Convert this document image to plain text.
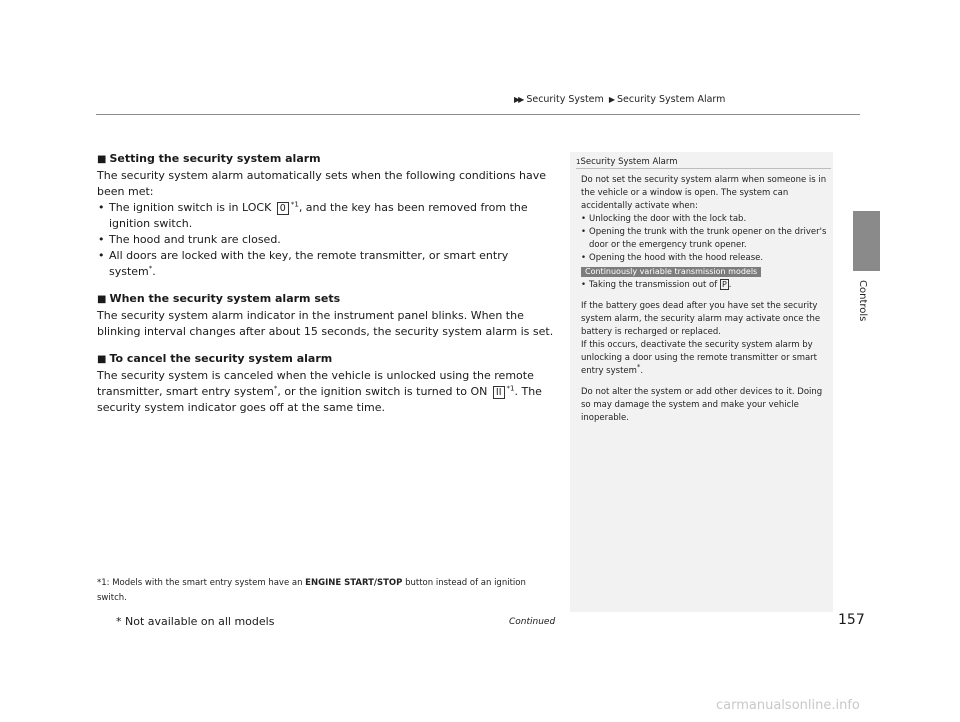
▶▶ Security System ▶ Security System Alarm
Controls
■ Setting the security system alarm

The security system alarm automatically sets when the following conditions have been met:

• The ignition switch is in LOCK 0 $^{*1}$, and the key has been removed from the ignition switch.
• The hood and trunk are closed.
• All doors are locked with the key, the remote transmitter, or smart entry system*.
■ When the security system alarm sets

The security system alarm indicator in the instrument panel blinks. When the blinking interval changes after about 15 seconds, the security system alarm is set.

■ To cancel the security system alarm

The security system is canceled when the vehicle is unlocked using the remote transmitter, smart entry system*, or the ignition switch is turned to ON II $^{*1}$. The security system indicator goes off at the same time.

*1: Models with the smart entry system have an ENGINE START/STOP button instead of an ignition switch.
1Security System Alarm

Do not set the security system alarm when someone is in the vehicle or a window is open. The system can accidentally activate when:

• Unlocking the door with the lock tab.
• Opening the trunk with the trunk opener on the driver's door or the emergency trunk opener.
• Opening the hood with the hood release.
Continuously variable transmission models
• Taking the transmission out of P .

If the battery goes dead after you have set the security system alarm, the security alarm may activate once the battery is recharged or replaced.

If this occurs, deactivate the security system alarm by unlocking a door using the remote transmitter or smart entry system*.

Do not alter the system or add other devices to it. Doing so may damage the system and make your vehicle inoperable.

* Not available on all models	Continued	157
carmanualsonline.info
